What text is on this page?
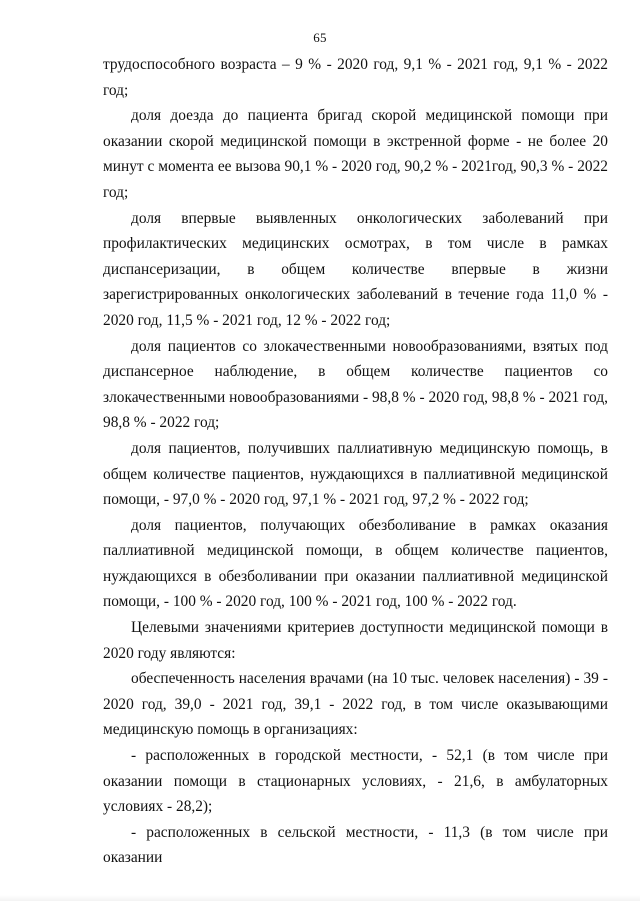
65

трудоспособного возраста – 9 % - 2020 год, 9,1 % - 2021 год, 9,1 % - 2022 год;

доля доезда до пациента бригад скорой медицинской помощи при оказании скорой медицинской помощи в экстренной форме - не более 20 минут с момента ее вызова 90,1 % - 2020 год, 90,2 % - 2021год, 90,3 % - 2022 год;

доля впервые выявленных онкологических заболеваний при профилактических медицинских осмотрах, в том числе в рамках диспансеризации, в общем количестве впервые в жизни зарегистрированных онкологических заболеваний в течение года 11,0 % - 2020 год, 11,5 % - 2021 год, 12 % - 2022 год;

доля пациентов со злокачественными новообразованиями, взятых под диспансерное наблюдение, в общем количестве пациентов со злокачественными новообразованиями - 98,8 % - 2020 год, 98,8 % - 2021 год, 98,8 % - 2022 год;

доля пациентов, получивших паллиативную медицинскую помощь, в общем количестве пациентов, нуждающихся в паллиативной медицинской помощи, - 97,0 % - 2020 год, 97,1 % - 2021 год, 97,2 % - 2022 год;

доля пациентов, получающих обезболивание в рамках оказания паллиативной медицинской помощи, в общем количестве пациентов, нуждающихся в обезболивании при оказании паллиативной медицинской помощи, - 100 % - 2020 год, 100 % - 2021 год, 100 % - 2022 год.

Целевыми значениями критериев доступности медицинской помощи в 2020 году являются:

обеспеченность населения врачами (на 10 тыс. человек населения) - 39 - 2020 год, 39,0 - 2021 год, 39,1 - 2022 год, в том числе оказывающими медицинскую помощь в организациях:

- расположенных в городской местности, - 52,1 (в том числе при оказании помощи в стационарных условиях, - 21,6, в амбулаторных условиях - 28,2);

- расположенных в сельской местности, - 11,3 (в том числе при оказании
